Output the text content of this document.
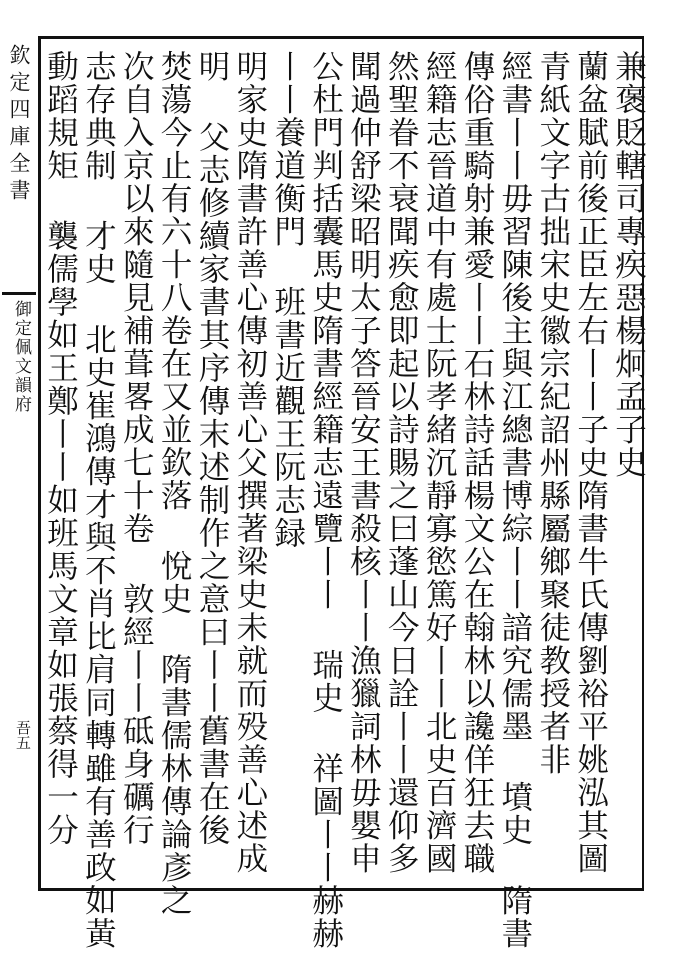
欽定四庫全書
御定佩文韻府
吾五
兼褒貶轄司專疾惡楊炯孟子史
蘭盆賦前後正臣左右丨丨子史隋書牛氏傳劉裕平姚泓其圖
青紙文字古拙宋史徽宗紀詔州縣屬鄉聚徒教授者非
經書丨丨毋習陳後主與江總書博綜丨丨諳究儒墨 墳史 隋書
傳俗重騎射兼愛丨丨石林詩話楊文公在翰林以讒佯狂去職
經籍志晉道中有處士阮孝緒沉靜寡慾篤好丨丨北史百濟國
然聖眷不衰聞疾愈即起以詩賜之曰蓬山今日詮丨丨還仰多
聞過仲舒梁昭明太子答晉安王書殺核丨丨漁獵詞林毋嬰申
公杜門判括囊馬史隋書經籍志遠覽丨丨 瑞史 祥圖丨丨赫赫
丨丨養道衡門 班書近觀王阮志録
明家史隋書許善心傳初善心父撰著梁史未就而殁善心述成
明 父志修續家書其序傳末述制作之意曰丨丨舊書在後
焚蕩今止有六十八卷在又並欽落 悅史 隋書儒林傳論彥之
次自入京以來隨見補葺畧成七十卷 敦經丨丨砥身礪行
志存典制 才史 北史崔鴻傳才與不肖比肩同轉雖有善政如黃
動蹈規矩 襲儒學如王鄭丨丨如班馬文章如張蔡得一分
